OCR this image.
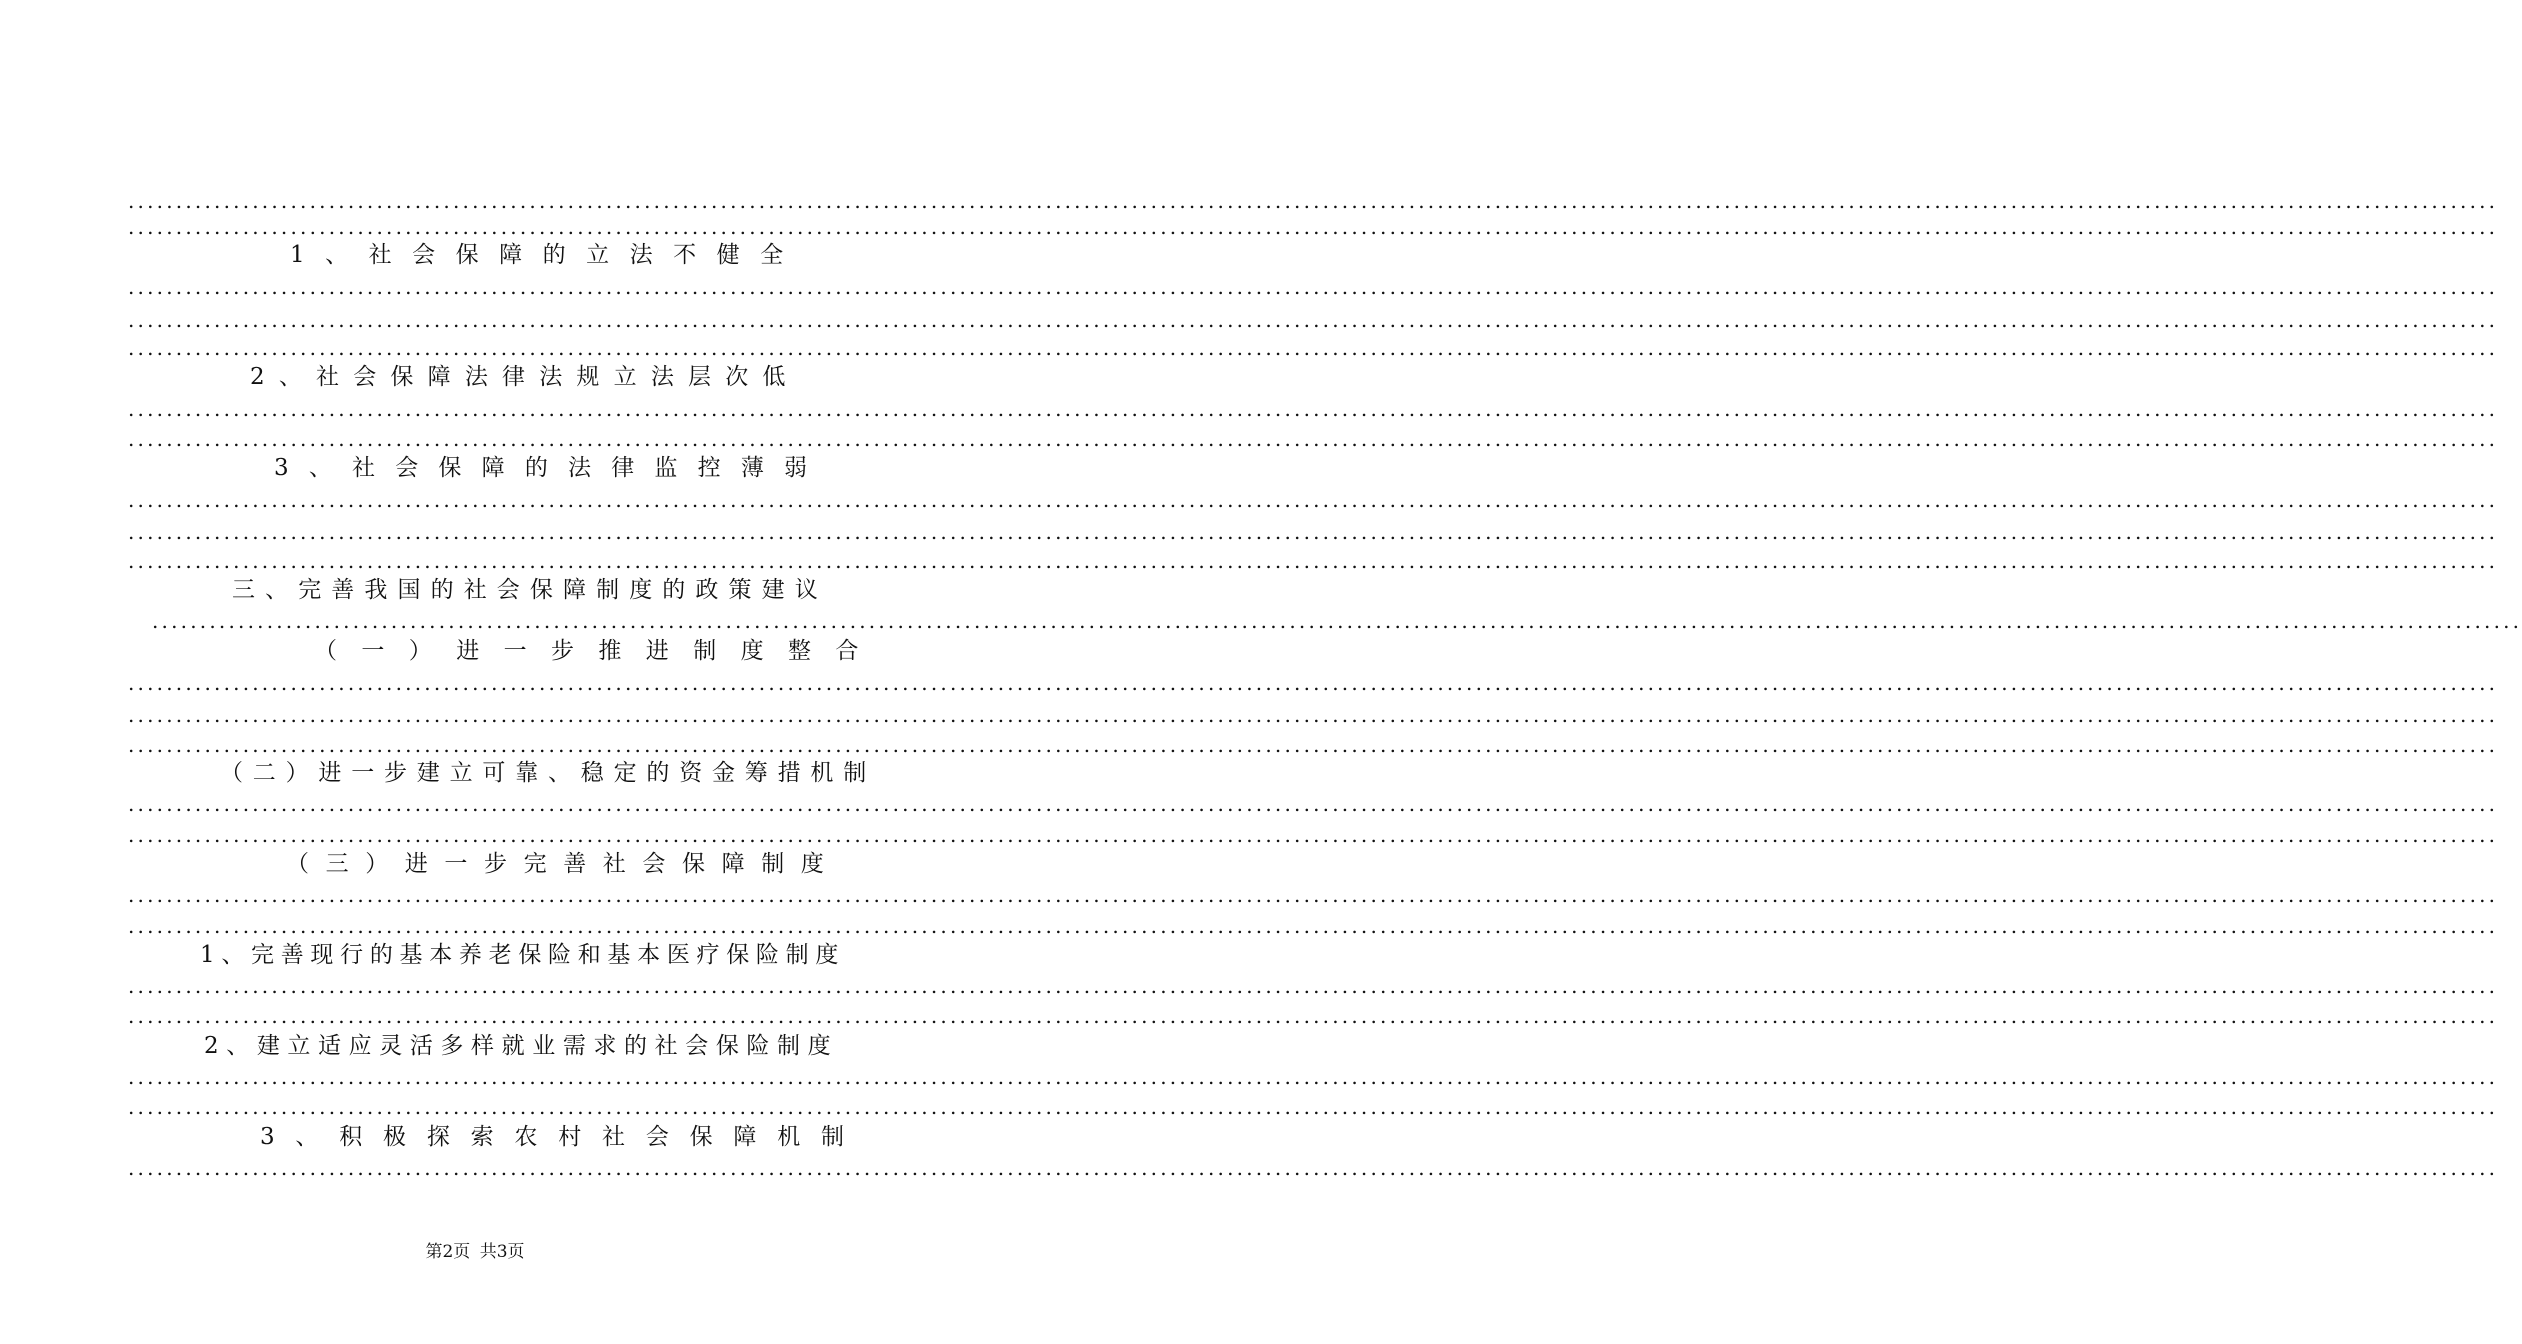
........................................................................................................................................................................................................................................................
........................................................................................................................................................................................................................................................
1、社会保障的立法不健全
........................................................................................................................................................................................................................................................
........................................................................................................................................................................................................................................................
........................................................................................................................................................................................................................................................
2、社会保障法律法规立法层次低
........................................................................................................................................................................................................................................................
........................................................................................................................................................................................................................................................
3、社会保障的法律监控薄弱
........................................................................................................................................................................................................................................................
........................................................................................................................................................................................................................................................
........................................................................................................................................................................................................................................................
三、完善我国的社会保障制度的政策建议
........................................................................................................................................................................................................................................................
（一）进一步推进制度整合
........................................................................................................................................................................................................................................................
........................................................................................................................................................................................................................................................
........................................................................................................................................................................................................................................................
（二）进一步建立可靠、稳定的资金筹措机制
........................................................................................................................................................................................................................................................
........................................................................................................................................................................................................................................................
（三）进一步完善社会保障制度
........................................................................................................................................................................................................................................................
........................................................................................................................................................................................................................................................
1、完善现行的基本养老保险和基本医疗保险制度
........................................................................................................................................................................................................................................................
........................................................................................................................................................................................................................................................
2、建立适应灵活多样就业需求的社会保险制度
........................................................................................................................................................................................................................................................
........................................................................................................................................................................................................................................................
3、积极探索农村社会保障机制
........................................................................................................................................................................................................................................................
第2页 共3页
